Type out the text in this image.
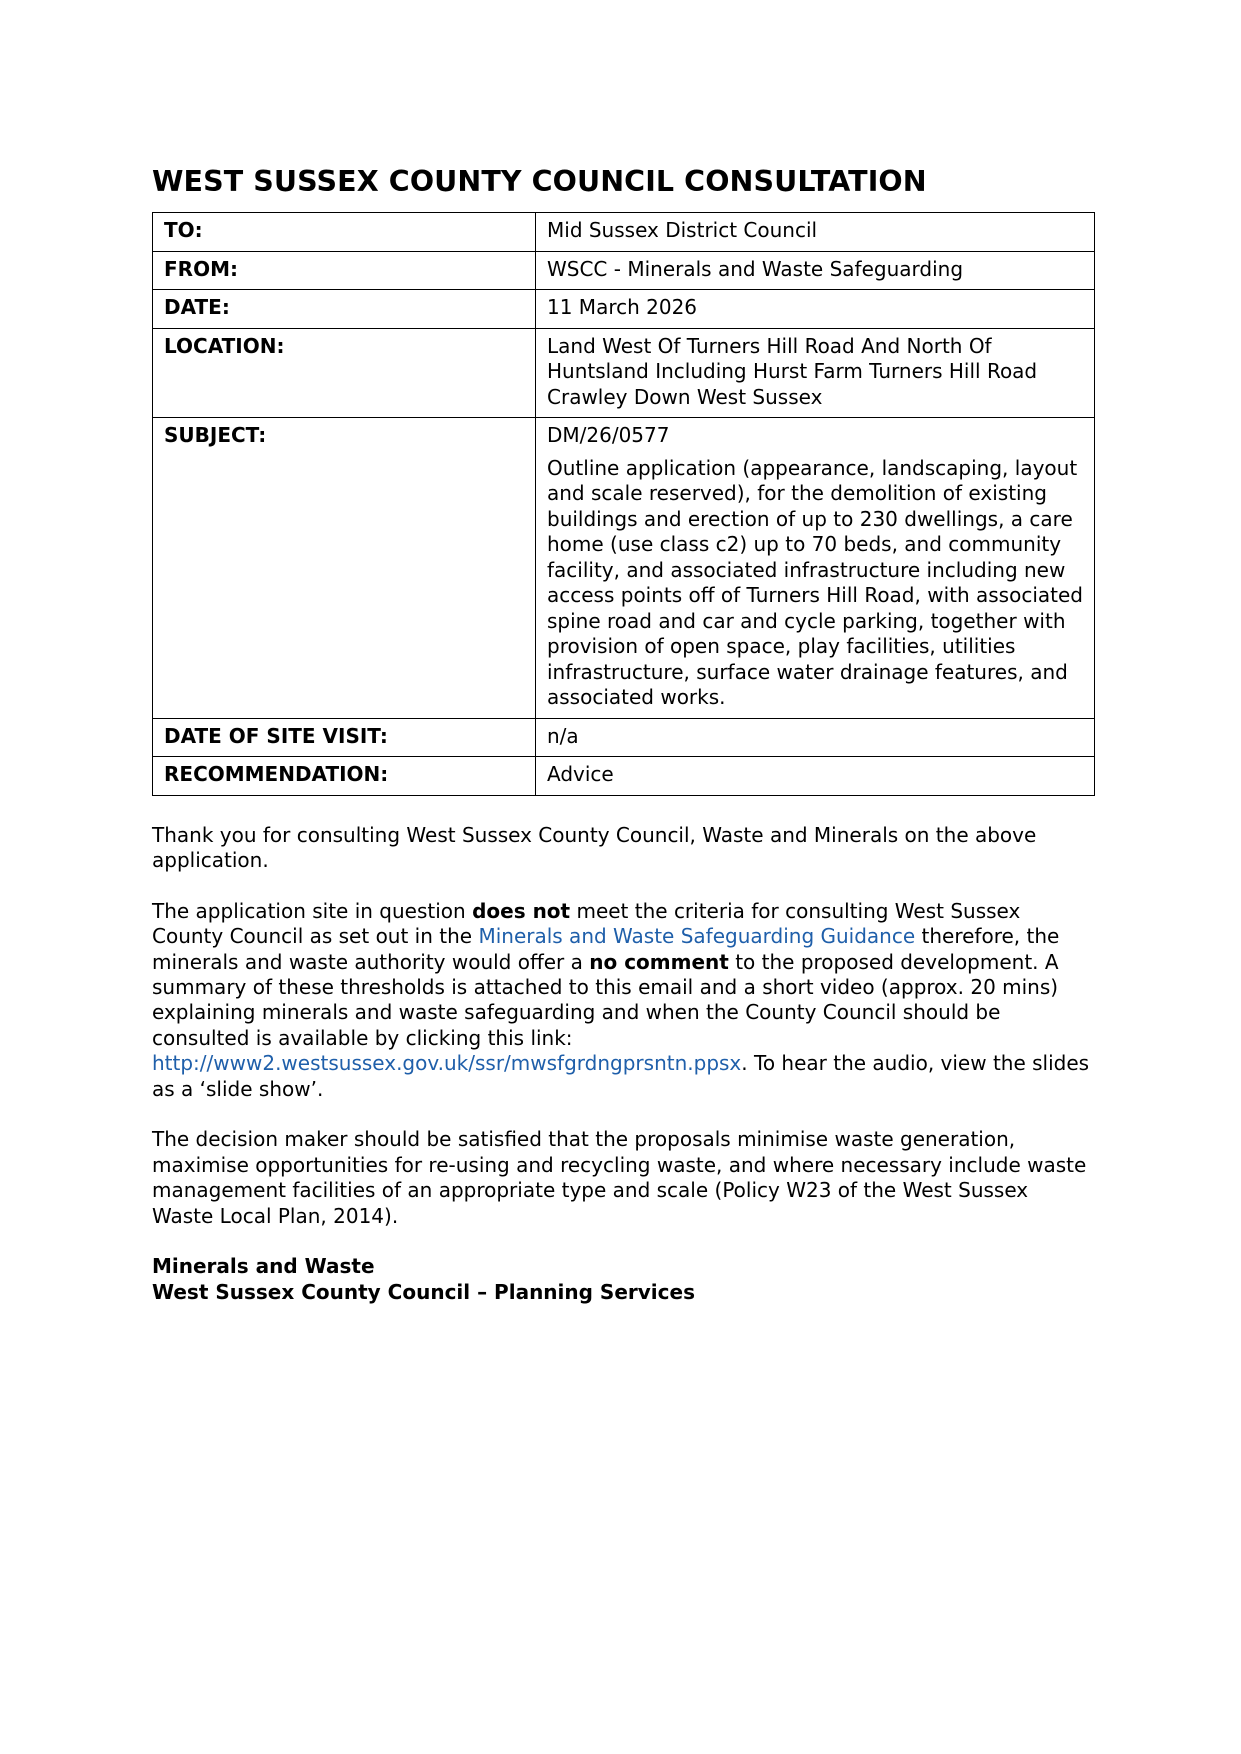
WEST SUSSEX COUNTY COUNCIL CONSULTATION
TO:	Mid Sussex District Council
FROM:	WSCC - Minerals and Waste Safeguarding
DATE:	11 March 2026
LOCATION:	Land West Of Turners Hill Road And North Of
Huntsland Including Hurst Farm Turners Hill Road
Crawley Down West Sussex

SUBJECT:	DM/26/0577
Outline application (appearance, landscaping, layout and scale reserved), for the demolition of existing buildings and erection of up to 230 dwellings, a care home (use class c2) up to 70 beds, and community facility, and associated infrastructure including new access points off of Turners Hill Road, with associated spine road and car and cycle parking, together with provision of open space, play facilities, utilities infrastructure, surface water drainage features, and associated works.

DATE OF SITE VISIT:	n/a
RECOMMENDATION:	Advice

Thank you for consulting West Sussex County Council, Waste and Minerals on the above application.

The application site in question does not meet the criteria for consulting West Sussex County Council as set out in the Minerals and Waste Safeguarding Guidance therefore, the minerals and waste authority would offer a no comment to the proposed development. A summary of these thresholds is attached to this email and a short video (approx. 20 mins) explaining minerals and waste safeguarding and when the County Council should be consulted is available by clicking this link: http://www2.westsussex.gov.uk/ssr/mwsfgrdngprsntn.ppsx. To hear the audio, view the slides as a ‘slide show’.

The decision maker should be satisfied that the proposals minimise waste generation, maximise opportunities for re-using and recycling waste, and where necessary include waste management facilities of an appropriate type and scale (Policy W23 of the West Sussex Waste Local Plan, 2014).

Minerals and Waste
West Sussex County Council – Planning Services
